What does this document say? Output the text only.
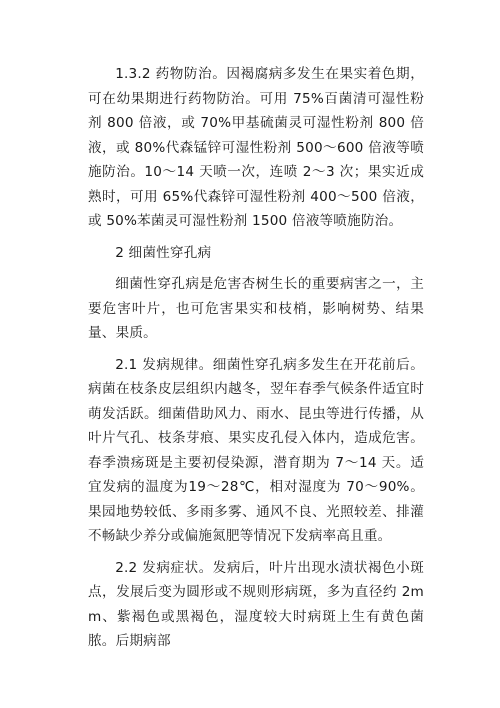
1.3.2 药物防治。因褐腐病多发生在果实着色期，可在幼果期进行药物防治。可用 75%百菌清可湿性粉剂 800 倍液，或 70%甲基硫菌灵可湿性粉剂 800 倍液，或 80%代森锰锌可湿性粉剂 500～600 倍液等喷施防治。10～14 天喷一次，连喷 2～3 次；果实近成熟时，可用 65%代森锌可湿性粉剂 400～500 倍液，或 50%苯菌灵可湿性粉剂 1500 倍液等喷施防治。

2 细菌性穿孔病

细菌性穿孔病是危害杏树生长的重要病害之一，主要危害叶片，也可危害果实和枝梢，影响树势、结果量、果质。

2.1 发病规律。细菌性穿孔病多发生在开花前后。病菌在枝条皮层组织内越冬，翌年春季气候条件适宜时萌发活跃。细菌借助风力、雨水、昆虫等进行传播，从叶片气孔、枝条芽痕、果实皮孔侵入体内，造成危害。春季溃疡斑是主要初侵染源，潜育期为 7～14 天。适宜发病的温度为19～28℃，相对湿度为 70～90%。果园地势较低、多雨多雾、通风不良、光照较差、排灌不畅缺少养分或偏施氮肥等情况下发病率高且重。

2.2 发病症状。发病后，叶片出现水渍状褐色小斑点，发展后变为圆形或不规则形病斑，多为直径约 2mm、紫褐色或黑褐色，湿度较大时病斑上生有黄色菌脓。后期病部
